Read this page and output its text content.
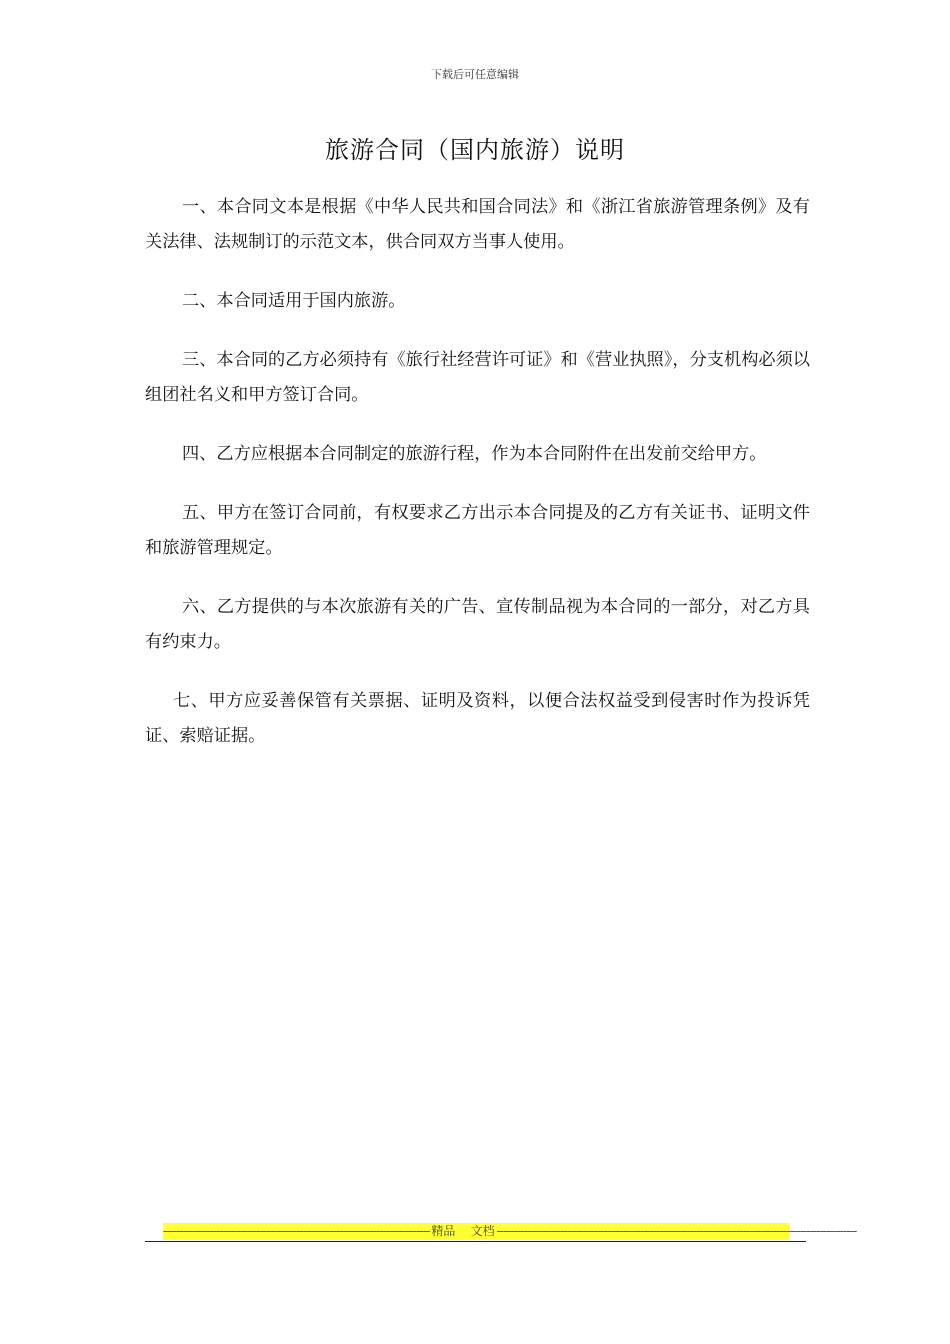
下载后可任意编辑
旅游合同（国内旅游）说明

一、本合同文本是根据《中华人民共和国合同法》和《浙江省旅游管理条例》及有关法律、法规制订的示范文本，供合同双方当事人使用。

二、本合同适用于国内旅游。

三、本合同的乙方必须持有《旅行社经营许可证》和《营业执照》，分支机构必须以组团社名义和甲方签订合同。

四、乙方应根据本合同制定的旅游行程，作为本合同附件在出发前交给甲方。

五、甲方在签订合同前，有权要求乙方出示本合同提及的乙方有关证书、证明文件和旅游管理规定。

六、乙方提供的与本次旅游有关的广告、宣传制品视为本合同的一部分，对乙方具有约束力。

七、甲方应妥善保管有关票据、证明及资料，以便合法权益受到侵害时作为投诉凭证、索赔证据。

-------------------------------------------------------------------------------- 精品    文档 ------------------------------------------------------------------------------------------------------------
